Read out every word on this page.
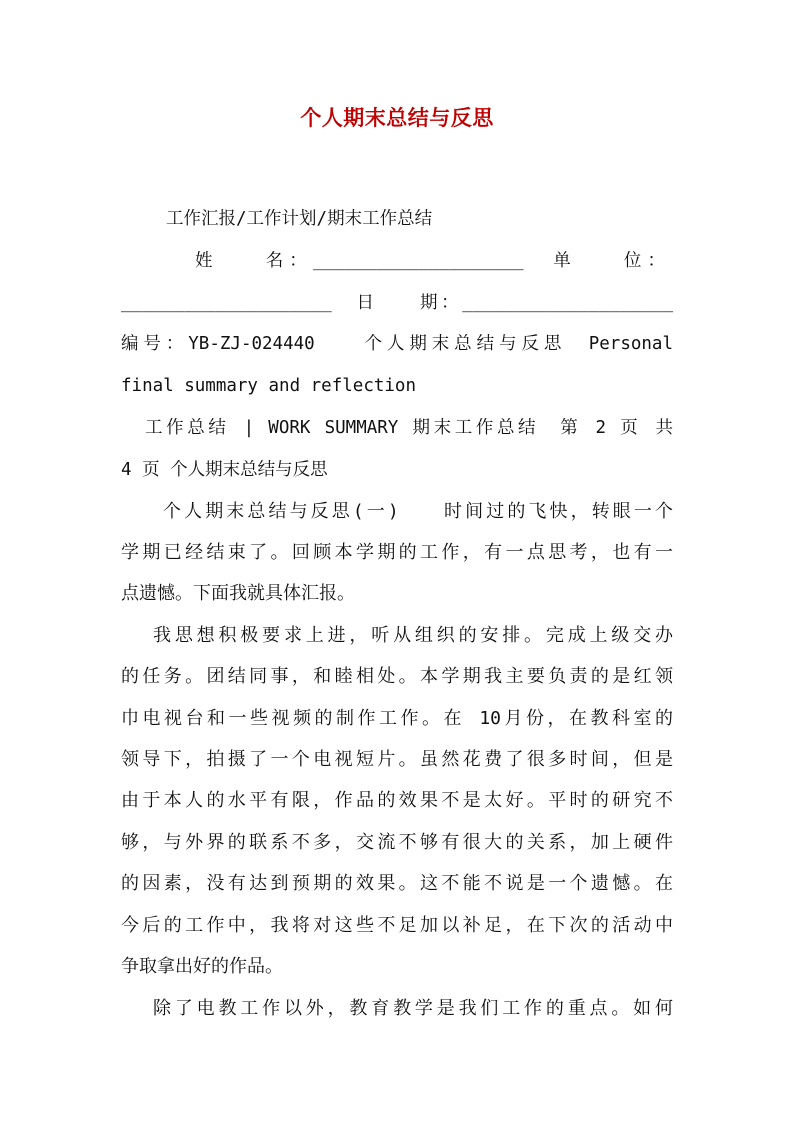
个人期末总结与反思
工作汇报/工作计划/期末工作总结
姓　　名：____________________　单　　位：
____________________　日　　期：____________________
编号：YB-ZJ-024440　　个人期末总结与反思　Personal
final summary and reflection
工作总结 | WORK SUMMARY 期末工作总结　第 2 页 共
4 页 个人期末总结与反思
个人期末总结与反思(一)　　时间过的飞快，转眼一个
学期已经结束了。回顾本学期的工作，有一点思考，也有一
点遗憾。下面我就具体汇报。
我思想积极要求上进，听从组织的安排。完成上级交办
的任务。团结同事，和睦相处。本学期我主要负责的是红领
巾电视台和一些视频的制作工作。在 10月份，在教科室的
领导下，拍摄了一个电视短片。虽然花费了很多时间，但是
由于本人的水平有限，作品的效果不是太好。平时的研究不
够，与外界的联系不多，交流不够有很大的关系，加上硬件
的因素，没有达到预期的效果。这不能不说是一个遗憾。在
今后的工作中，我将对这些不足加以补足，在下次的活动中
争取拿出好的作品。
除了电教工作以外，教育教学是我们工作的重点。如何
